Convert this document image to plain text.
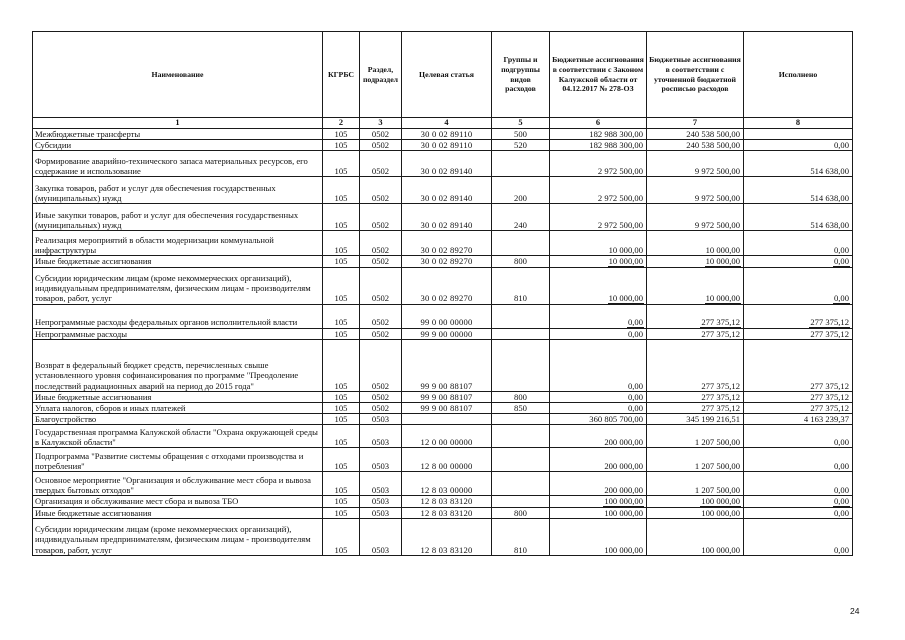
Наименование	КГРБС	Раздел, подраздел	Целевая статья	Группы и подгруппы видов расходов	Бюджетные ассигнования в соответствии с Законом Калужской области от 04.12.2017 № 278-ОЗ	Бюджетные ассигнования в соответствии с уточненной бюджетной росписью расходов	Исполнено
1	2	3	4	5	6	7	8
Межбюджетные трансферты	105	0502	30 0 02 89110	500	182 988 300,00	240 538 500,00	
Субсидии	105	0502	30 0 02 89110	520	182 988 300,00	240 538 500,00	0,00
Формирование аварийно-технического запаса материальных ресурсов, его содержание и использование	105	0502	30 0 02 89140		2 972 500,00	9 972 500,00	514 638,00
Закупка товаров, работ и услуг для обеспечения государственных (муниципальных) нужд	105	0502	30 0 02 89140	200	2 972 500,00	9 972 500,00	514 638,00
Иные закупки товаров, работ и услуг для обеспечения государственных (муниципальных) нужд	105	0502	30 0 02 89140	240	2 972 500,00	9 972 500,00	514 638,00
Реализация мероприятий в области модернизации коммунальной инфраструктуры	105	0502	30 0 02 89270		10 000,00	10 000,00	0,00
Иные бюджетные ассигнования	105	0502	30 0 02 89270	800	10 000,00	10 000,00	0,00
Субсидии юридическим лицам (кроме некоммерческих организаций), индивидуальным предпринимателям, физическим лицам - производителям товаров, работ, услуг	105	0502	30 0 02 89270	810	10 000,00	10 000,00	0,00
Непрограммные расходы федеральных органов исполнительной власти	105	0502	99 0 00 00000		0,00	277 375,12	277 375,12
Непрограммные расходы	105	0502	99 9 00 00000		0,00	277 375,12	277 375,12
Возврат в федеральный бюджет средств, перечисленных свыше установленного уровня софинансирования по программе "Преодоление последствий радиационных аварий на период до 2015 года"	105	0502	99 9 00 88107		0,00	277 375,12	277 375,12
Иные бюджетные ассигнования	105	0502	99 9 00 88107	800	0,00	277 375,12	277 375,12
Уплата налогов, сборов и иных платежей	105	0502	99 9 00 88107	850	0,00	277 375,12	277 375,12
Благоустройство	105	0503			360 805 700,00	345 199 216,51	4 163 239,37
Государственная программа Калужской области "Охрана окружающей среды в Калужской области"	105	0503	12 0 00 00000		200 000,00	1 207 500,00	0,00
Подпрограмма "Развитие системы обращения с отходами производства и потребления"	105	0503	12 8 00 00000		200 000,00	1 207 500,00	0,00
Основное мероприятие "Организация и обслуживание мест сбора и вывоза твердых бытовых отходов"	105	0503	12 8 03 00000		200 000,00	1 207 500,00	0,00
Организация и обслуживание мест сбора и вывоза ТБО	105	0503	12 8 03 83120		100 000,00	100 000,00	0,00
Иные бюджетные ассигнования	105	0503	12 8 03 83120	800	100 000,00	100 000,00	0,00
Субсидии юридическим лицам (кроме некоммерческих организаций), индивидуальным предпринимателям, физическим лицам - производителям товаров, работ, услуг	105	0503	12 8 03 83120	810	100 000,00	100 000,00	0,00
24
